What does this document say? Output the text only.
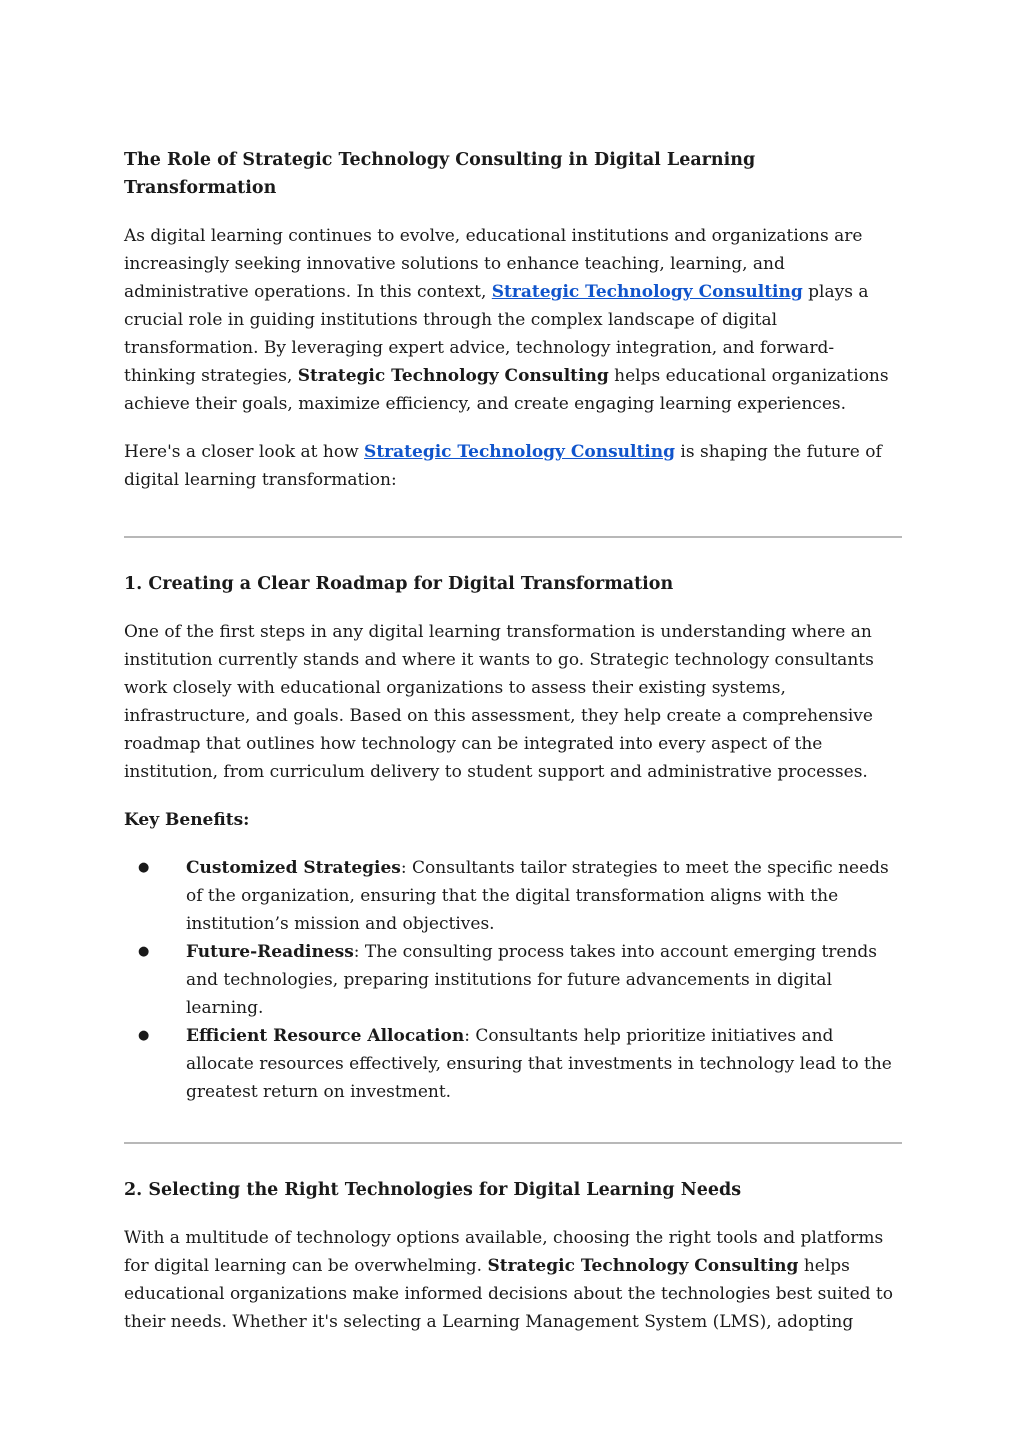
The Role of Strategic Technology Consulting in Digital Learning Transformation

As digital learning continues to evolve, educational institutions and organizations are increasingly seeking innovative solutions to enhance teaching, learning, and administrative operations. In this context, Strategic Technology Consulting plays a crucial role in guiding institutions through the complex landscape of digital transformation. By leveraging expert advice, technology integration, and forward-thinking strategies, Strategic Technology Consulting helps educational organizations achieve their goals, maximize efficiency, and create engaging learning experiences.

Here's a closer look at how Strategic Technology Consulting is shaping the future of digital learning transformation:

1. Creating a Clear Roadmap for Digital Transformation

One of the first steps in any digital learning transformation is understanding where an institution currently stands and where it wants to go. Strategic technology consultants work closely with educational organizations to assess their existing systems, infrastructure, and goals. Based on this assessment, they help create a comprehensive roadmap that outlines how technology can be integrated into every aspect of the institution, from curriculum delivery to student support and administrative processes.

Key Benefits:
● Customized Strategies: Consultants tailor strategies to meet the specific needs of the organization, ensuring that the digital transformation aligns with the institution’s mission and objectives.
● Future-Readiness: The consulting process takes into account emerging trends and technologies, preparing institutions for future advancements in digital learning.
● Efficient Resource Allocation: Consultants help prioritize initiatives and allocate resources effectively, ensuring that investments in technology lead to the greatest return on investment.
2. Selecting the Right Technologies for Digital Learning Needs

With a multitude of technology options available, choosing the right tools and platforms for digital learning can be overwhelming. Strategic Technology Consulting helps educational organizations make informed decisions about the technologies best suited to their needs. Whether it's selecting a Learning Management System (LMS), adopting
